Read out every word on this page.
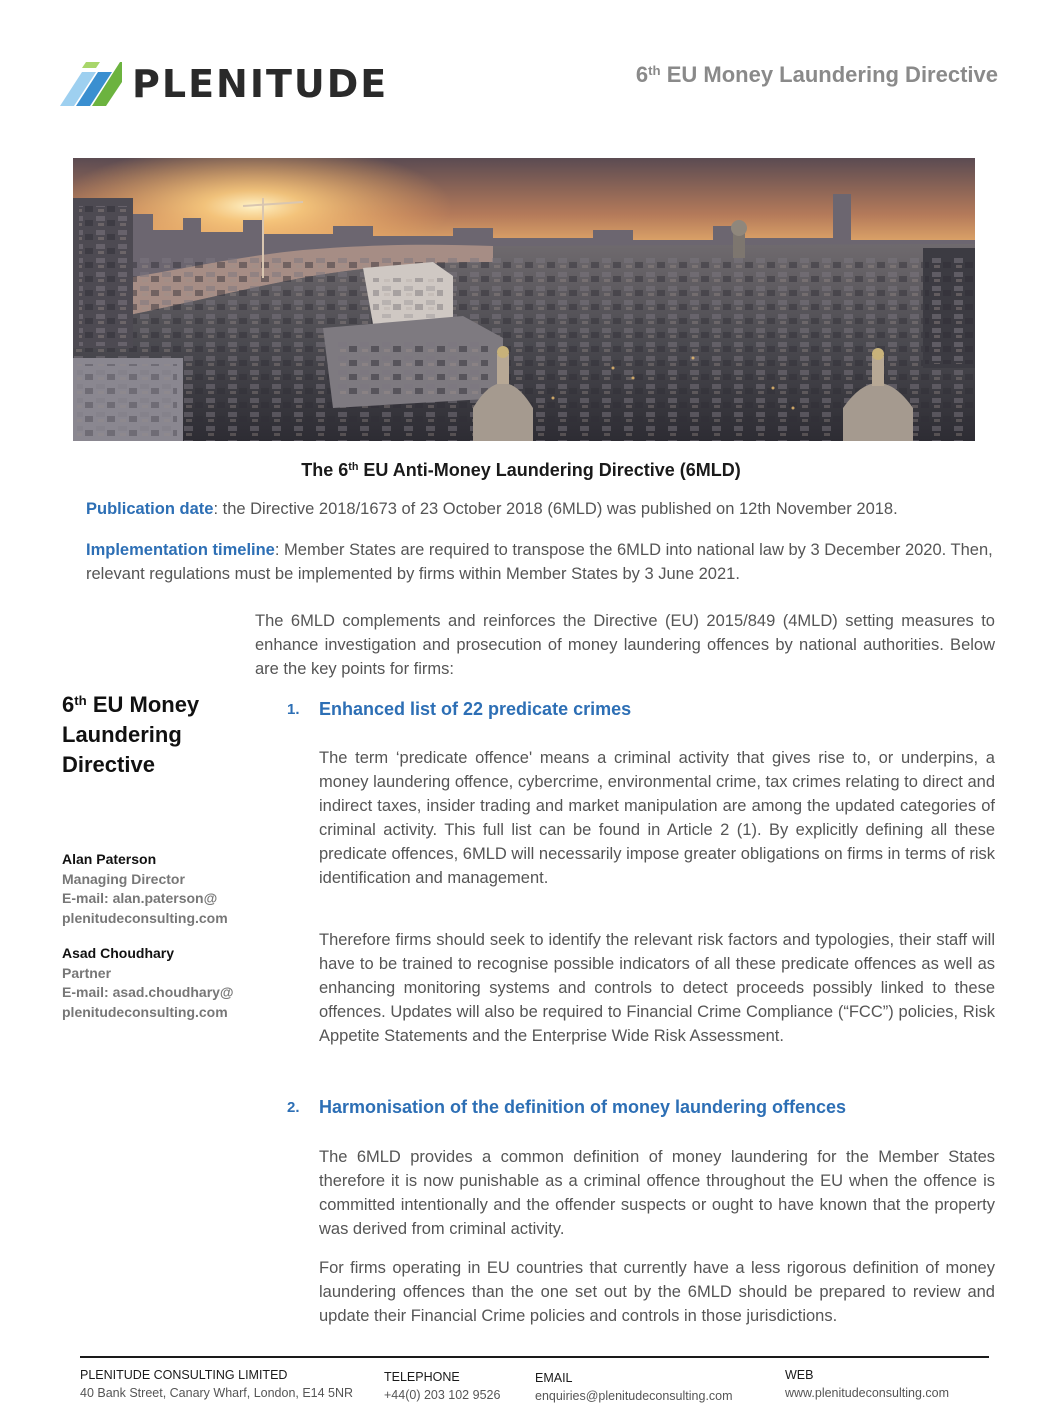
PLENITUDE	6th EU Money Laundering Directive
The 6th EU Anti-Money Laundering Directive (6MLD)
Publication date: the Directive 2018/1673 of 23 October 2018 (6MLD) was published on 12th November 2018.
Implementation timeline: Member States are required to transpose the 6MLD into national law by 3 December 2020. Then, relevant regulations must be implemented by firms within Member States by 3 June 2021.

The 6MLD complements and reinforces the Directive (EU) 2015/849 (4MLD) setting measures to enhance investigation and prosecution of money laundering offences by national authorities. Below are the key points for firms:

6th EU Money Laundering Directive
Alan Paterson
Managing Director
E-mail: alan.paterson@
plenitudeconsulting.com
Asad Choudhary
Partner
E-mail: asad.choudhary@
plenitudeconsulting.com
1.	Enhanced list of 22 predicate crimes

The term ‘predicate offence' means a criminal activity that gives rise to, or underpins, a money laundering offence, cybercrime, environmental crime, tax crimes relating to direct and indirect taxes, insider trading and market manipulation are among the updated categories of criminal activity. This full list can be found in Article 2 (1). By explicitly defining all these predicate offences, 6MLD will necessarily impose greater obligations on firms in terms of risk identification and management.

Therefore firms should seek to identify the relevant risk factors and typologies, their staff will have to be trained to recognise possible indicators of all these predicate offences as well as enhancing monitoring systems and controls to detect proceeds possibly linked to these offences. Updates will also be required to Financial Crime Compliance (“FCC”) policies, Risk Appetite Statements and the Enterprise Wide Risk Assessment.

2.	Harmonisation of the definition of money laundering offences

The 6MLD provides a common definition of money laundering for the Member States therefore it is now punishable as a criminal offence throughout the EU when the offence is committed intentionally and the offender suspects or ought to have known that the property was derived from criminal activity.

For firms operating in EU countries that currently have a less rigorous definition of money laundering offences than the one set out by the 6MLD should be prepared to review and update their Financial Crime policies and controls in those jurisdictions.

PLENITUDE CONSULTING LIMITED
40 Bank Street, Canary Wharf, London, E14 5NR
TELEPHONE
+44(0) 203 102 9526
EMAIL
enquiries@plenitudeconsulting.com
WEB
www.plenitudeconsulting.com
